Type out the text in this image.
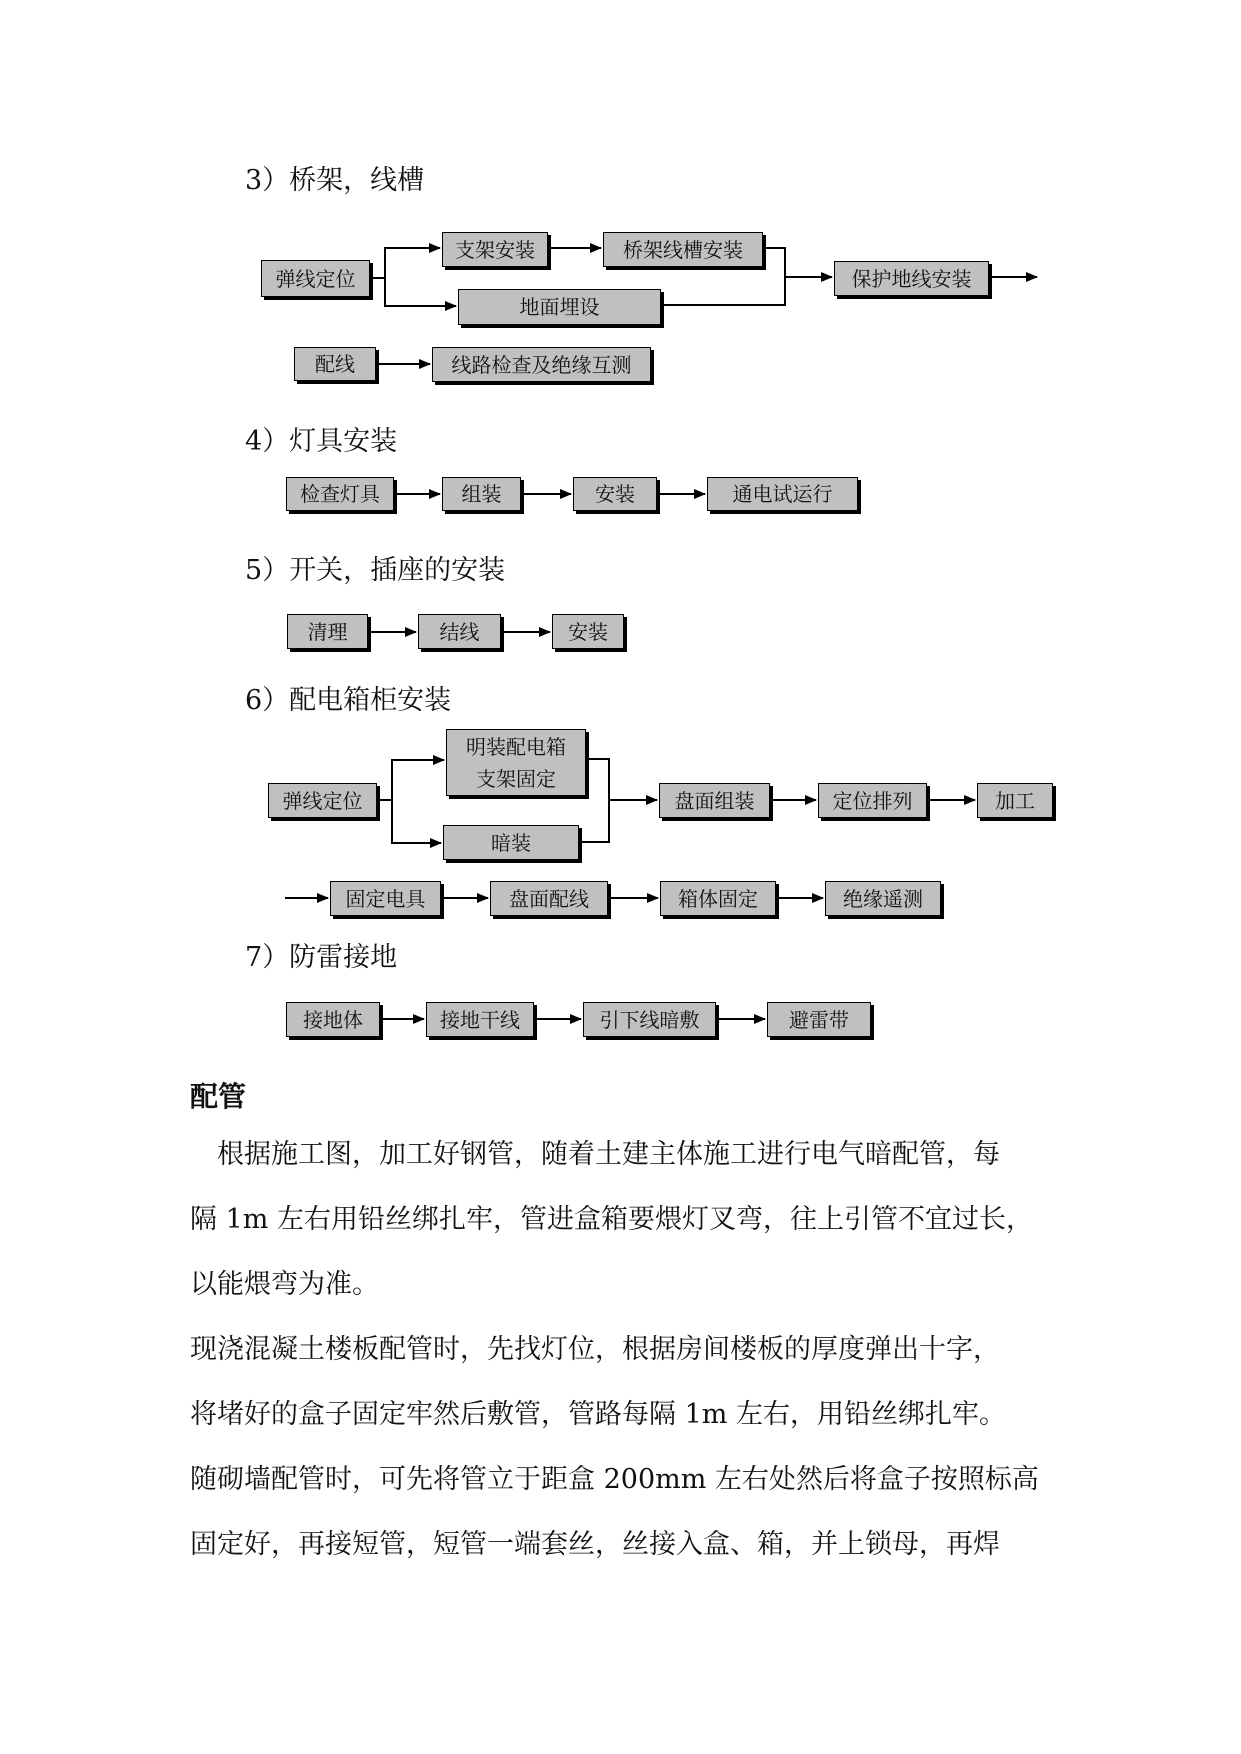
3）桥架，线槽
弹线定位
支架安装	桥架线槽安装
地面埋设
保护地线安装
配线	线路检查及绝缘互测
4）灯具安装
检查灯具	组装	安装	通电试运行
5）开关，插座的安装
清理	结线	安装
6）配电箱柜安装
弹线定位
明装配电箱
支架固定
暗装
盘面组装	定位排列	加工
固定电具	盘面配线	箱体固定	绝缘遥测
7）防雷接地
接地体	接地干线	引下线暗敷	避雷带
配管
　根据施工图，加工好钢管，随着土建主体施工进行电气暗配管，每
隔 1m 左右用铅丝绑扎牢，管进盒箱要煨灯叉弯，往上引管不宜过长，
以能煨弯为准。
现浇混凝土楼板配管时，先找灯位，根据房间楼板的厚度弹出十字，
将堵好的盒子固定牢然后敷管，管路每隔 1m 左右，用铅丝绑扎牢。
随砌墙配管时，可先将管立于距盒 200mm 左右处然后将盒子按照标高
固定好，再接短管，短管一端套丝，丝接入盒、箱，并上锁母，再焊
